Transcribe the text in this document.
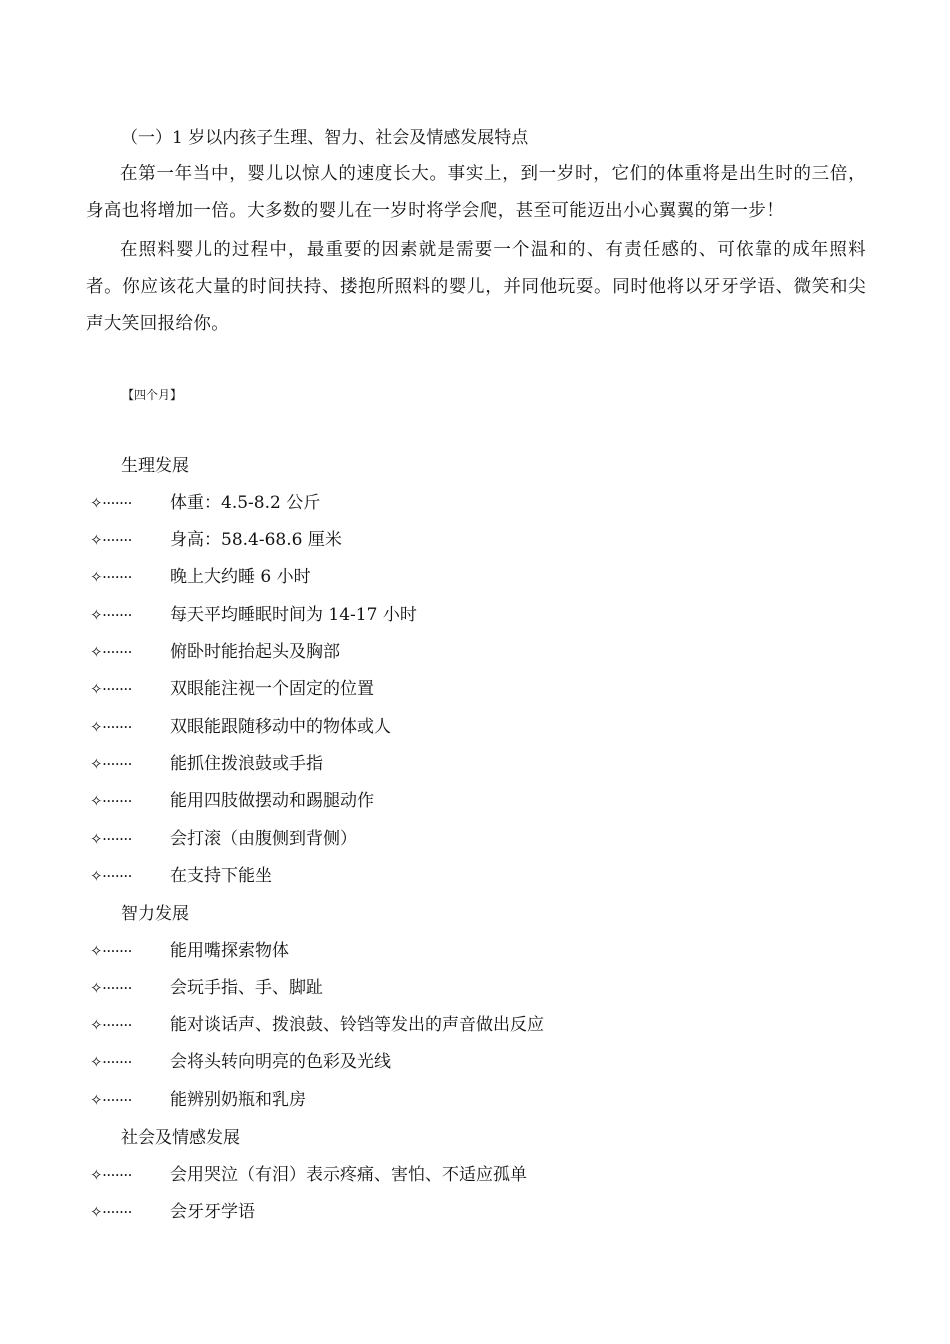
（一）1 岁以内孩子生理、智力、社会及情感发展特点
在第一年当中，婴儿以惊人的速度长大。事实上，到一岁时，它们的体重将是出生时的三倍，身高也将增加一倍。大多数的婴儿在一岁时将学会爬，甚至可能迈出小心翼翼的第一步！
在照料婴儿的过程中，最重要的因素就是需要一个温和的、有责任感的、可依靠的成年照料者。你应该花大量的时间扶持、搂抱所照料的婴儿，并同他玩耍。同时他将以牙牙学语、微笑和尖声大笑回报给你。
【四个月】
生理发展
✧······· 体重：4.5-8.2 公斤
✧······· 身高：58.4-68.6 厘米
✧······· 晚上大约睡 6 小时
✧······· 每天平均睡眠时间为 14-17 小时
✧······· 俯卧时能抬起头及胸部
✧······· 双眼能注视一个固定的位置
✧······· 双眼能跟随移动中的物体或人
✧······· 能抓住拨浪鼓或手指
✧······· 能用四肢做摆动和踢腿动作
✧······· 会打滚（由腹侧到背侧）
✧······· 在支持下能坐
智力发展
✧······· 能用嘴探索物体
✧······· 会玩手指、手、脚趾
✧······· 能对谈话声、拨浪鼓、铃铛等发出的声音做出反应
✧······· 会将头转向明亮的色彩及光线
✧······· 能辨别奶瓶和乳房
社会及情感发展
✧······· 会用哭泣（有泪）表示疼痛、害怕、不适应孤单
✧······· 会牙牙学语
